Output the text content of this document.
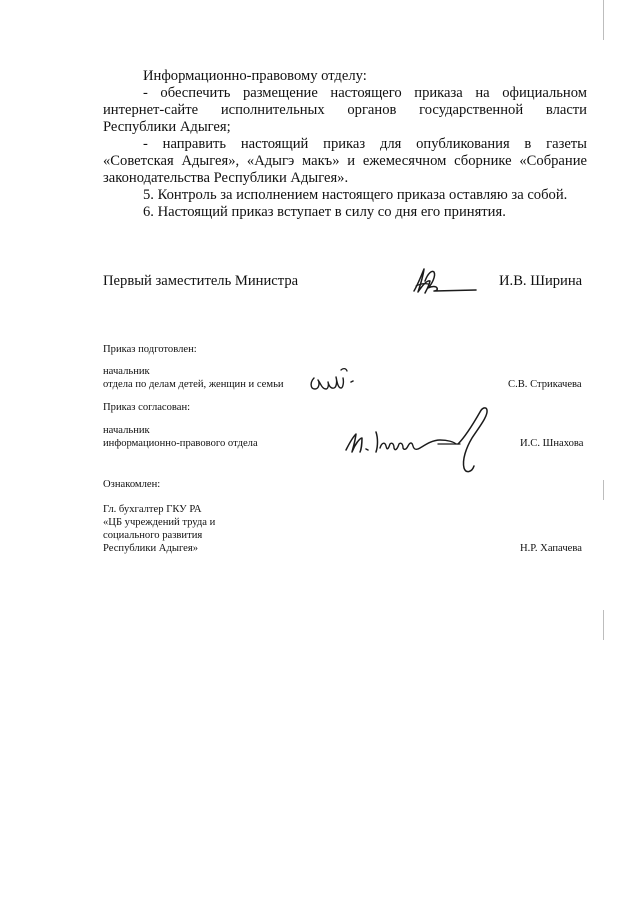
Информационно-правовому отделу:
- обеспечить размещение настоящего приказа на официальном
интернет-сайте исполнительных органов государственной власти
Республики Адыгея;
- направить настоящий приказ для опубликования в газеты
«Советская Адыгея», «Адыгэ макъ» и ежемесячном сборнике «Собрание
законодательства Республики Адыгея».
5. Контроль за исполнением настоящего приказа оставляю за собой.
6. Настоящий приказ вступает в силу со дня его принятия.
Первый заместитель Министра	И.В. Ширина
Приказ подготовлен:
начальник
отдела по делам детей, женщин и семьи	С.В. Стрикачева
Приказ согласован:
начальник
информационно-правового отдела	И.С. Шнахова
Ознакомлен:
Гл. бухгалтер ГКУ РА
«ЦБ учреждений труда и
социального развития
Республики Адыгея»	Н.Р. Хапачева
